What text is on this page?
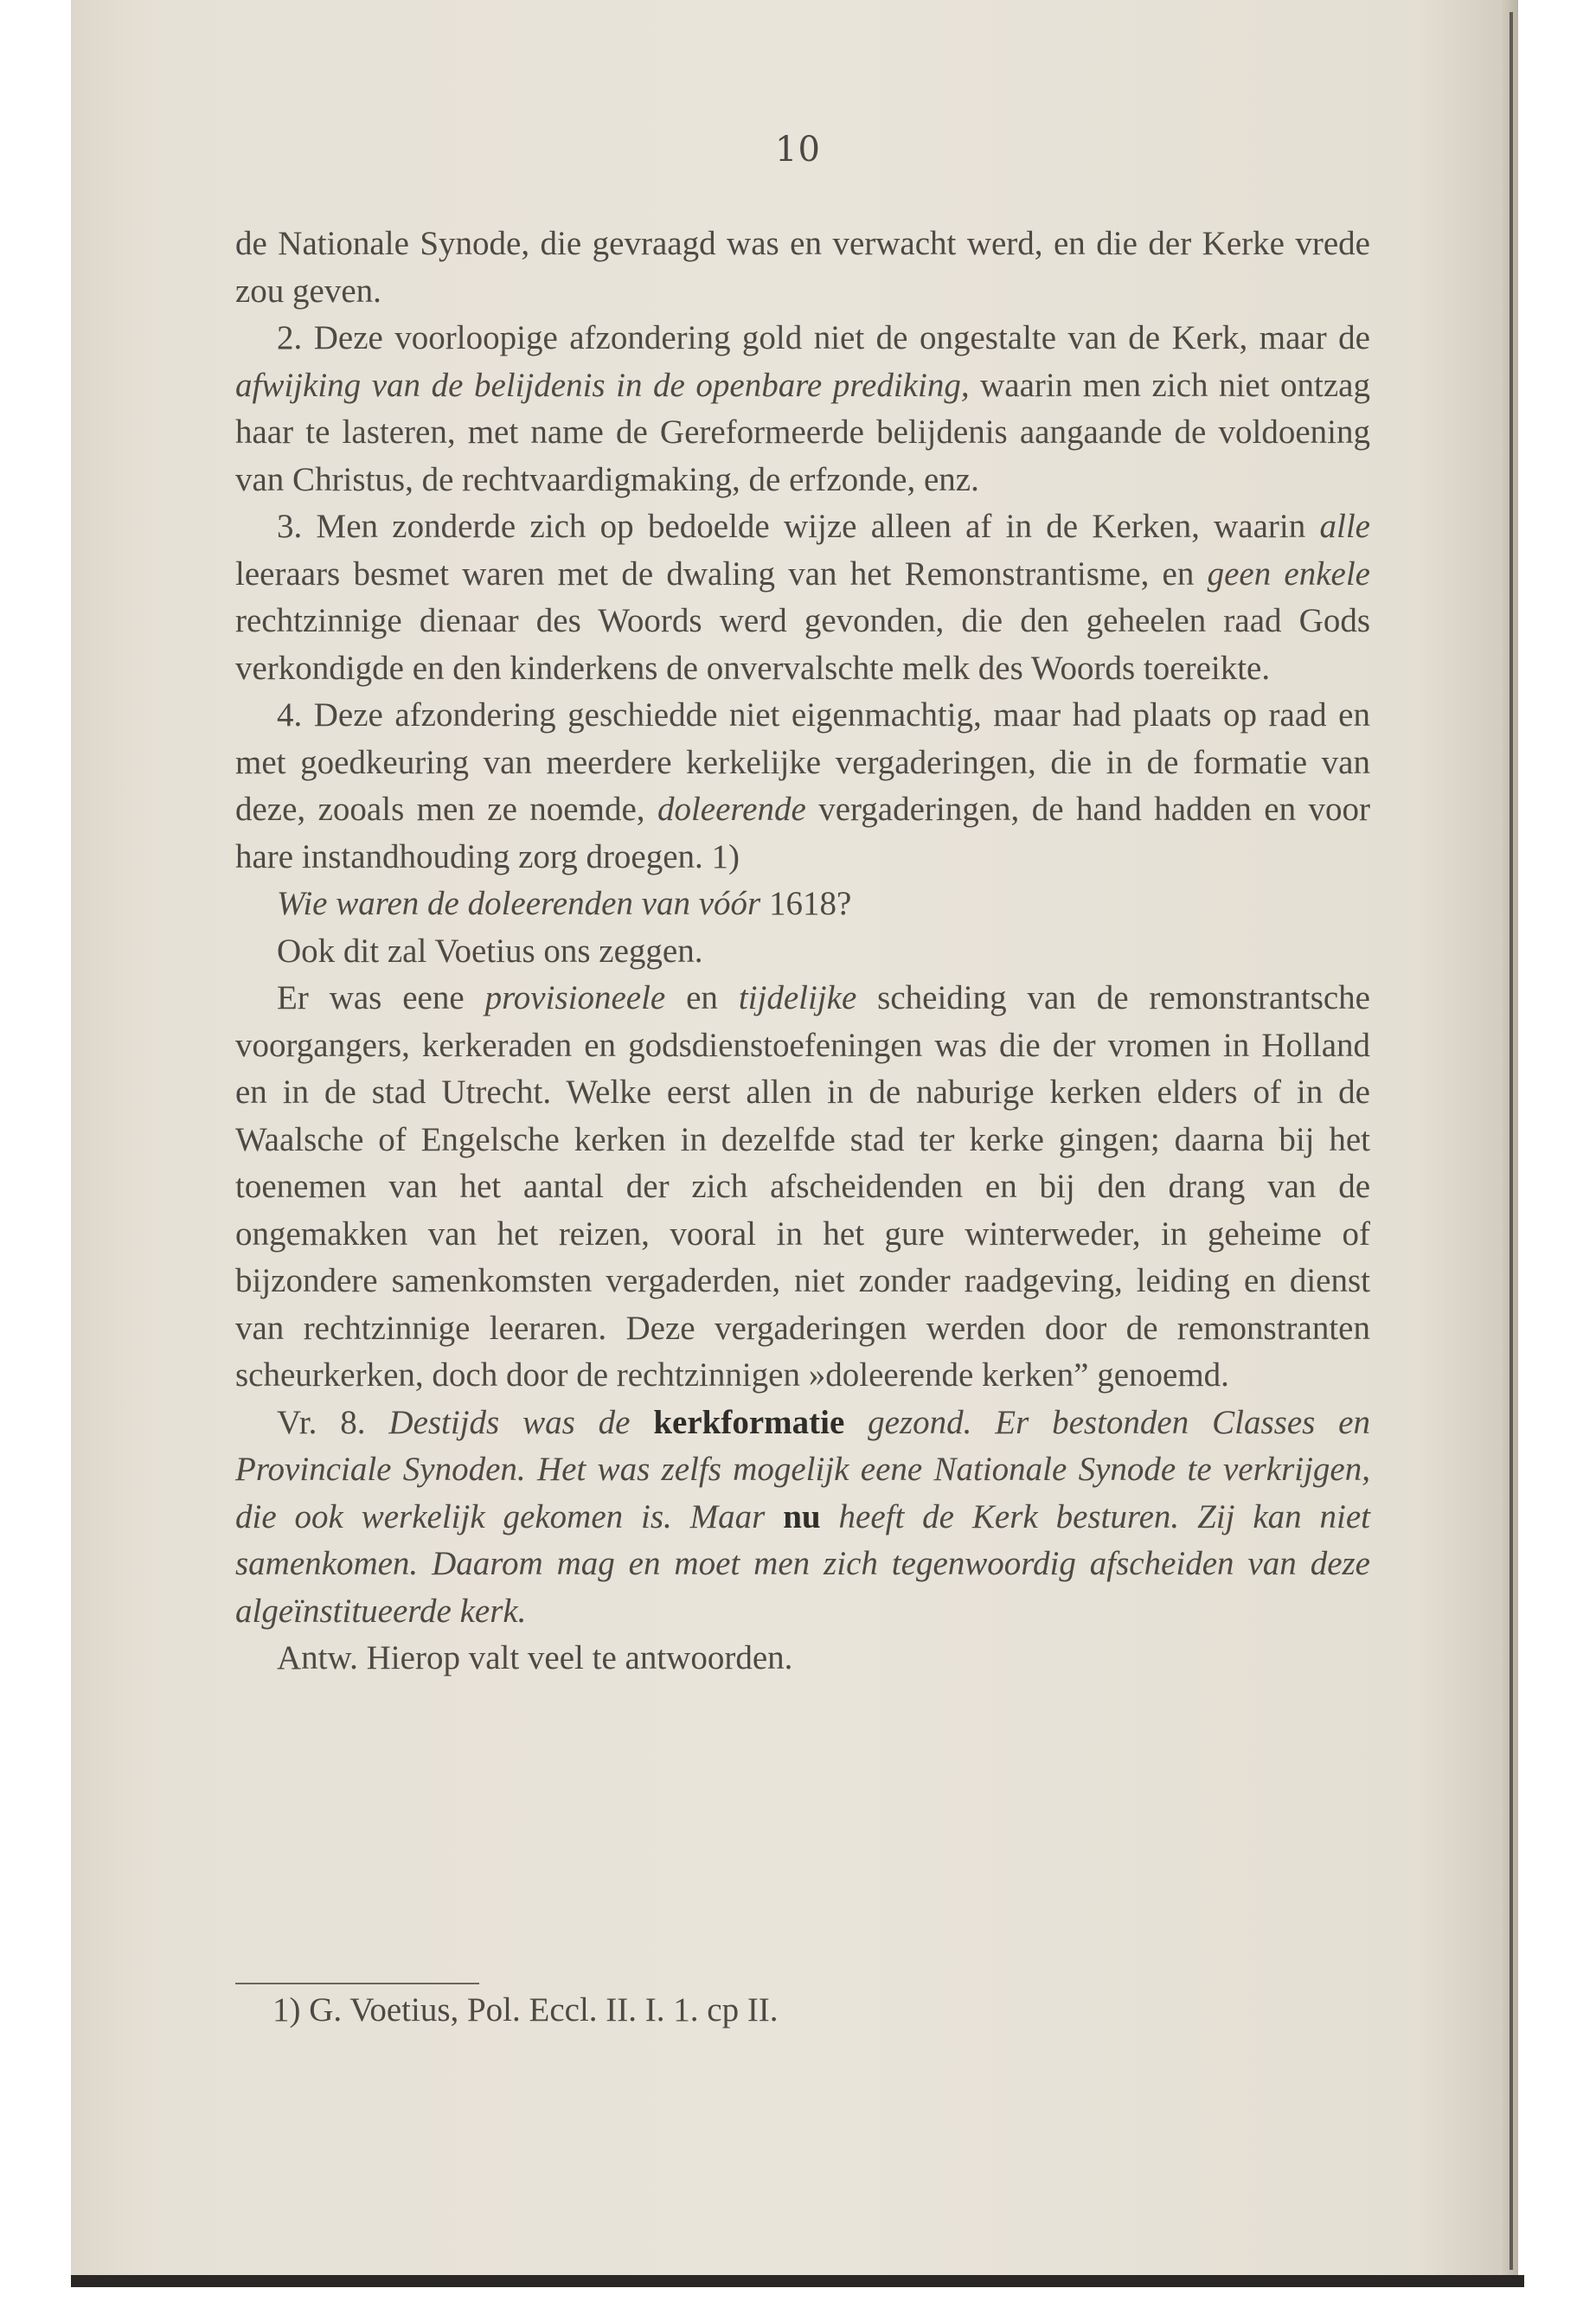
10

de Nationale Synode, die gevraagd was en verwacht werd, en die der Kerke vrede zou geven.

2. Deze voorloopige afzondering gold niet de ongestalte van de Kerk, maar de afwijking van de belijdenis in de openbare prediking, waarin men zich niet ontzag haar te lasteren, met name de Gereformeerde belijdenis aangaande de voldoening van Christus, de rechtvaardigmaking, de erfzonde, enz.

3. Men zonderde zich op bedoelde wijze alleen af in de Kerken, waarin alle leeraars besmet waren met de dwaling van het Remonstrantisme, en geen enkele rechtzinnige dienaar des Woords werd gevonden, die den geheelen raad Gods verkondigde en den kinderkens de onvervalschte melk des Woords toereikte.

4. Deze afzondering geschiedde niet eigenmachtig, maar had plaats op raad en met goedkeuring van meerdere kerkelijke vergaderingen, die in de formatie van deze, zooals men ze noemde, doleerende vergaderingen, de hand hadden en voor hare instandhouding zorg droegen. 1)

Wie waren de doleerenden van vóór 1618?

Ook dit zal Voetius ons zeggen.

Er was eene provisioneele en tijdelijke scheiding van de remonstrantsche voorgangers, kerkeraden en godsdienstoefeningen was die der vromen in Holland en in de stad Utrecht. Welke eerst allen in de naburige kerken elders of in de Waalsche of Engelsche kerken in dezelfde stad ter kerke gingen; daarna bij het toenemen van het aantal der zich afscheidenden en bij den drang van de ongemakken van het reizen, vooral in het gure winterweder, in geheime of bijzondere samenkomsten vergaderden, niet zonder raadgeving, leiding en dienst van rechtzinnige leeraren. Deze vergaderingen werden door de remonstranten scheurkerken, doch door de rechtzinnigen »doleerende kerken” genoemd.

Vr. 8. Destijds was de kerkformatie gezond. Er bestonden Classes en Provinciale Synoden. Het was zelfs mogelijk eene Nationale Synode te verkrijgen, die ook werkelijk gekomen is. Maar nu heeft de Kerk besturen. Zij kan niet samenkomen. Daarom mag en moet men zich tegenwoordig afscheiden van deze algeïnstitueerde kerk.

Antw. Hierop valt veel te antwoorden.

1) G. Voetius, Pol. Eccl. II. I. 1. cp II.
